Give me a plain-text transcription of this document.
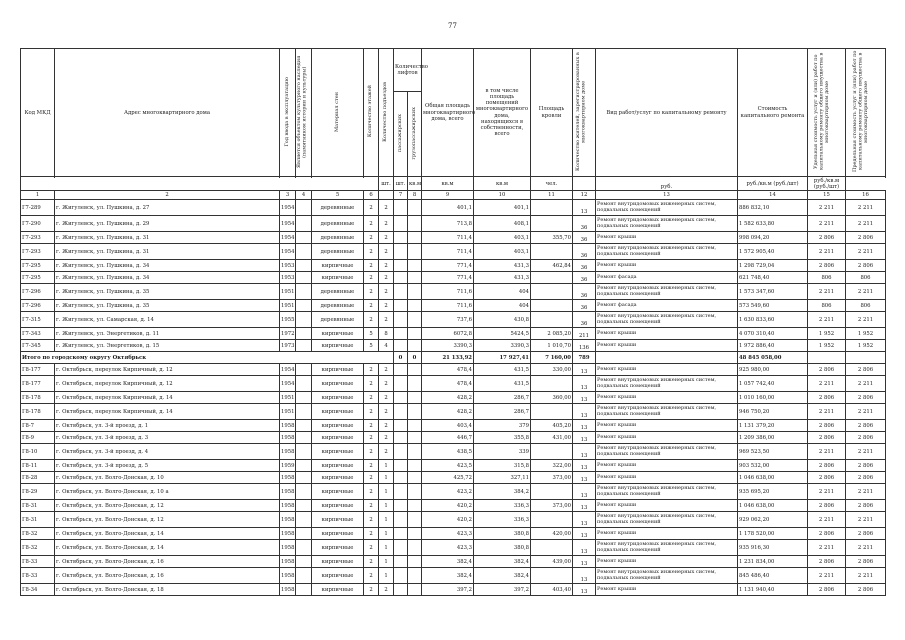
77
Код МКД	Адрес многоквартирного дома	Год ввода в эксплуатацию	Является объектом культурного наследия (памятником истории и культуры)	Материал стен	Количество этажей	Количество подъездов	Количество лифтов		Общая площадь многоквартирного дома, всего	в том числе площадь помещений многоквартирного дома, находящихся в собственности, всего	Площадь кровли	Количество жителей, зарегистрированных в многоквартирном доме	Вид работ/услуг по капитальному ремонту	Стоимость капитального ремонта	Удельная стоимость услуг и (или) работ по капитальному ремонту общего имущества в многоквартирном доме	Предельная стоимость услуг и (или) работ по капитальному ремонту общего имущества в многоквартирном доме
							пассажирских	грузопассажирских								

						шт.	шт.	кв.м	кв.м	кв.м	чел.		руб.	руб./кв.м (руб./шт)	руб./кв.м (руб./шт)	
1	2	3	4	5	6		7	8	9	10	11	12	13	14	15	16
Г7-289	г. Жигулевск, ул. Пушкина, д. 27	1954		деревянные	2	2			401,1	401,1		13	Ремонт внутридомовых инженерных систем, подвальных помещений	886 832,10	2 211	2 211
Г7-290	г. Жигулевск, ул. Пушкина, д. 29	1954		деревянные	2	2			713,8	408,1		36	Ремонт внутридомовых инженерных систем, подвальных помещений	1 582 633,80	2 211	2 211
Г7-293	г. Жигулевск, ул. Пушкина, д. 31	1954		деревянные	2	2			711,4	403,1	355,70	36	Ремонт крыши	998 094,20	2 806	2 806
Г7-293	г. Жигулевск, ул. Пушкина, д. 31	1954		деревянные	2	2			711,4	403,1		36	Ремонт внутридомовых инженерных систем, подвальных помещений	1 572 905,40	2 211	2 211
Г7-295	г. Жигулевск, ул. Пушкина, д. 34	1953		кирпичные	2	2			771,4	431,3	462,84	36	Ремонт крыши	1 298 729,04	2 806	2 806
Г7-295	г. Жигулевск, ул. Пушкина, д. 34	1953		кирпичные	2	2			771,4	431,3		36	Ремонт фасада	621 748,40	806	806
Г7-296	г. Жигулевск, ул. Пушкина, д. 35	1951		деревянные	2	2			711,6	404		36	Ремонт внутридомовых инженерных систем, подвальных помещений	1 573 347,60	2 211	2 211
Г7-296	г. Жигулевск, ул. Пушкина, д. 35	1951		деревянные	2	2			711,6	404		36	Ремонт фасада	573 549,60	806	806
Г7-315	г. Жигулевск, ул. Самарская, д. 14	1955		деревянные	2	2			737,6	430,8		36	Ремонт внутридомовых инженерных систем, подвальных помещений	1 630 833,60	2 211	2 211
Г7-343	г. Жигулевск, ул. Энергетиков, д. 11	1972		кирпичные	5	8			6072,8	5424,5	2 085,20	211	Ремонт крыши	4 070 310,40	1 952	1 952
Г7-345	г. Жигулевск, ул. Энергетиков, д. 15	1973		кирпичные	5	4			3390,3	3390,3	1 010,70	136	Ремонт крыши	1 972 886,40	1 952	1 952
Итого по городскому округу Октябрьск							0	0	21 133,92	17 927,41	7 160,00	789		48 845 058,00		
Г8-177	г. Октябрьск, переулок Кирпичный, д. 12	1954		кирпичные	2	2			478,4	431,5	330,00	13	Ремонт крыши	925 980,00	2 806	2 806
Г8-177	г. Октябрьск, переулок Кирпичный, д. 12	1954		кирпичные	2	2			478,4	431,5		13	Ремонт внутридомовых инженерных систем, подвальных помещений	1 057 742,40	2 211	2 211
Г8-178	г. Октябрьск, переулок Кирпичный, д. 14	1951		кирпичные	2	2			428,2	286,7	360,00	13	Ремонт крыши	1 010 160,00	2 806	2 806
Г8-178	г. Октябрьск, переулок Кирпичный, д. 14	1951		кирпичные	2	2			428,2	286,7		13	Ремонт внутридомовых инженерных систем, подвальных помещений	946 750,20	2 211	2 211
Г8-7	г. Октябрьск, ул. 3-й проезд, д. 1	1958		кирпичные	2	2			403,4	379	405,20	13	Ремонт крыши	1 131 379,20	2 806	2 806
Г8-9	г. Октябрьск, ул. 3-й проезд, д. 3	1958		кирпичные	2	2			446,7	355,8	431,00	13	Ремонт крыши	1 209 386,00	2 806	2 806
Г8-10	г. Октябрьск, ул. 3-й проезд, д. 4	1958		кирпичные	2	2			438,5	339		13	Ремонт внутридомовых инженерных систем, подвальных помещений	969 523,50	2 211	2 211
Г8-11	г. Октябрьск, ул. 3-й проезд, д. 5	1959		кирпичные	2	1			423,5	315,8	322,00	13	Ремонт крыши	903 532,00	2 806	2 806
Г8-28	г. Октябрьск, ул. Волго-Донская, д. 10	1958		кирпичные	2	1			425,72	327,11	373,00	13	Ремонт крыши	1 046 638,00	2 806	2 806
Г8-29	г. Октябрьск, ул. Волго-Донская, д. 10 а	1958		кирпичные	2	1			423,2	384,2		13	Ремонт внутридомовых инженерных систем, подвальных помещений	935 695,20	2 211	2 211
Г8-31	г. Октябрьск, ул. Волго-Донская, д. 12	1958		кирпичные	2	1			420,2	336,3	373,00	13	Ремонт крыши	1 046 638,00	2 806	2 806
Г8-31	г. Октябрьск, ул. Волго-Донская, д. 12	1958		кирпичные	2	1			420,2	336,3		13	Ремонт внутридомовых инженерных систем, подвальных помещений	929 062,20	2 211	2 211
Г8-32	г. Октябрьск, ул. Волго-Донская, д. 14	1958		кирпичные	2	1			423,3	380,8	420,00	13	Ремонт крыши	1 178 520,00	2 806	2 806
Г8-32	г. Октябрьск, ул. Волго-Донская, д. 14	1958		кирпичные	2	1			423,3	380,8		13	Ремонт внутридомовых инженерных систем, подвальных помещений	935 916,30	2 211	2 211
Г8-33	г. Октябрьск, ул. Волго-Донская, д. 16	1958		кирпичные	2	1			382,4	382,4	439,00	13	Ремонт крыши	1 231 834,00	2 806	2 806
Г8-33	г. Октябрьск, ул. Волго-Донская, д. 16	1958		кирпичные	2	1			382,4	382,4		13	Ремонт внутридомовых инженерных систем, подвальных помещений	845 486,40	2 211	2 211
Г8-34	г. Октябрьск, ул. Волго-Донская, д. 18	1958		кирпичные	2	2			397,2	397,2	403,40	13	Ремонт крыши	1 131 940,40	2 806	2 806
